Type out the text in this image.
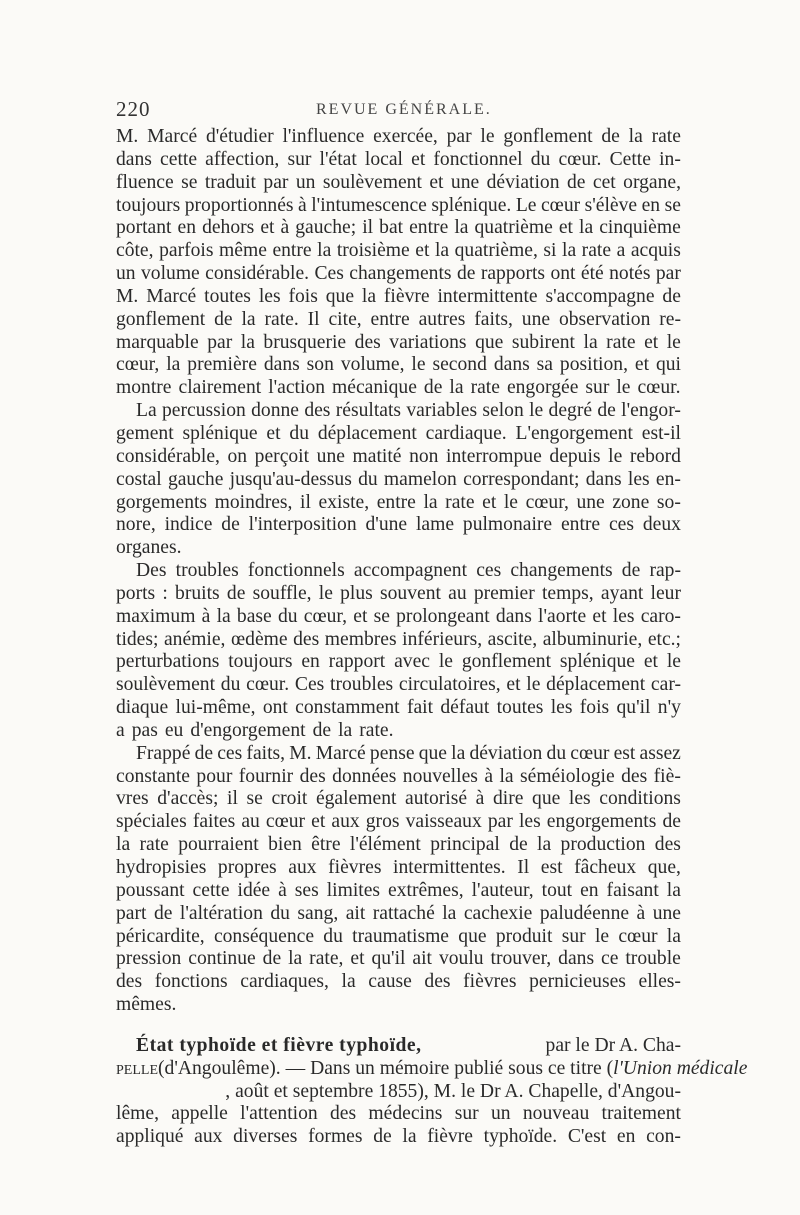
220	REVUE GÉNÉRALE.
M. Marcé d'étudier l'influence exercée, par le gonflement de la rate
dans cette affection, sur l'état local et fonctionnel du cœur. Cette in-
fluence se traduit par un soulèvement et une déviation de cet organe,
toujours proportionnés à l'intumescence splénique. Le cœur s'élève en se
portant en dehors et à gauche; il bat entre la quatrième et la cinquième
côte, parfois même entre la troisième et la quatrième, si la rate a acquis
un volume considérable. Ces changements de rapports ont été notés par
M. Marcé toutes les fois que la fièvre intermittente s'accompagne de
gonflement de la rate. Il cite, entre autres faits, une observation re-
marquable par la brusquerie des variations que subirent la rate et le
cœur, la première dans son volume, le second dans sa position, et qui
montre clairement l'action mécanique de la rate engorgée sur le cœur.
La percussion donne des résultats variables selon le degré de l'engor-
gement splénique et du déplacement cardiaque. L'engorgement est-il
considérable, on perçoit une matité non interrompue depuis le rebord
costal gauche jusqu'au-dessus du mamelon correspondant; dans les en-
gorgements moindres, il existe, entre la rate et le cœur, une zone so-
nore, indice de l'interposition d'une lame pulmonaire entre ces deux
organes.
Des troubles fonctionnels accompagnent ces changements de rap-
ports : bruits de souffle, le plus souvent au premier temps, ayant leur
maximum à la base du cœur, et se prolongeant dans l'aorte et les caro-
tides; anémie, œdème des membres inférieurs, ascite, albuminurie, etc.;
perturbations toujours en rapport avec le gonflement splénique et le
soulèvement du cœur. Ces troubles circulatoires, et le déplacement car-
diaque lui-même, ont constamment fait défaut toutes les fois qu'il n'y
a pas eu d'engorgement de la rate.
Frappé de ces faits, M. Marcé pense que la déviation du cœur est assez
constante pour fournir des données nouvelles à la séméiologie des fiè-
vres d'accès; il se croit également autorisé à dire que les conditions
spéciales faites au cœur et aux gros vaisseaux par les engorgements de
la rate pourraient bien être l'élément principal de la production des
hydropisies propres aux fièvres intermittentes. Il est fâcheux que,
poussant cette idée à ses limites extrêmes, l'auteur, tout en faisant la
part de l'altération du sang, ait rattaché la cachexie paludéenne à une
péricardite, conséquence du traumatisme que produit sur le cœur la
pression continue de la rate, et qu'il ait voulu trouver, dans ce trouble
des fonctions cardiaques, la cause des fièvres pernicieuses elles-
mêmes.
État typhoïde et fièvre typhoïde,	par le Dr A. Cha-
pelle (d'Angoulême). — Dans un mémoire publié sous ce titre ( l'Union médicale
, août et septembre 1855), M. le Dr A. Chapelle, d'Angou-
lême, appelle l'attention des médecins sur un nouveau traitement
appliqué aux diverses formes de la fièvre typhoïde. C'est en con-
